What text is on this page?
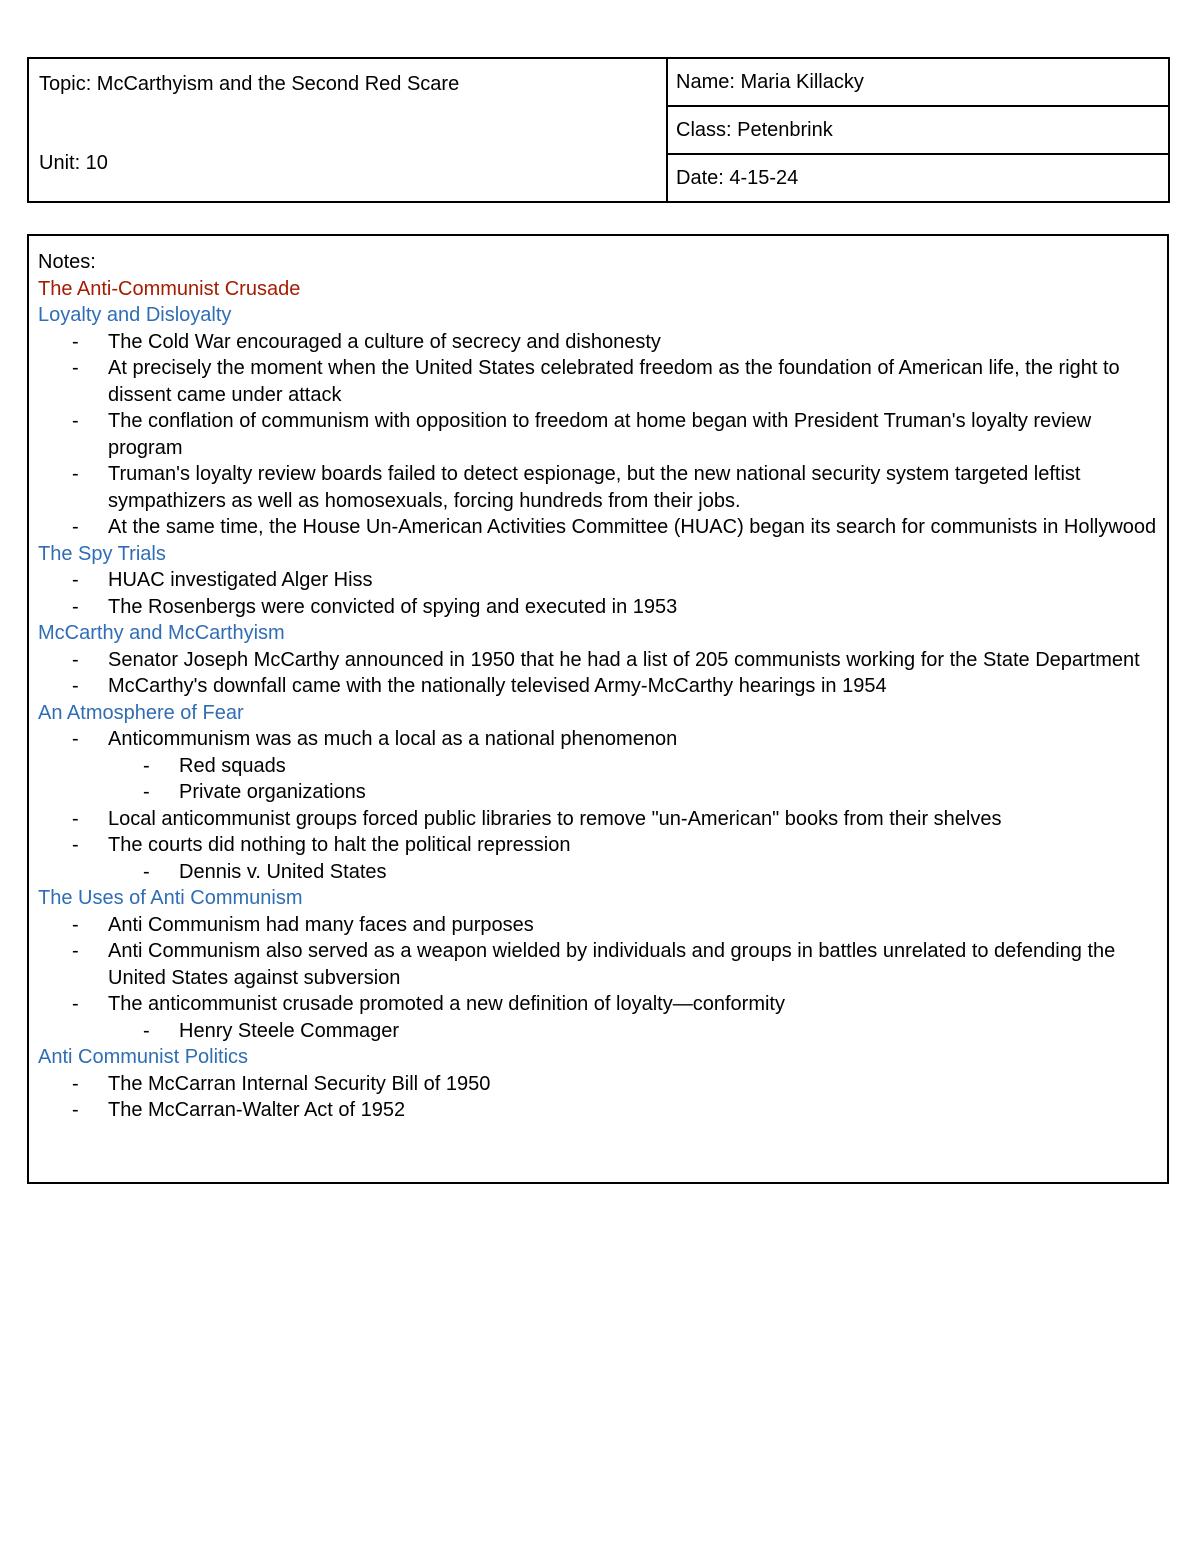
Topic: McCarthyism and the Second Red Scare
Unit: 10
Name: Maria Killacky
Class: Petenbrink
Date: 4-15-24
Notes:
The Anti-Communist Crusade
Loyalty and Disloyalty
- The Cold War encouraged a culture of secrecy and dishonesty
- At precisely the moment when the United States celebrated freedom as the foundation of American life, the right to dissent came under attack
- The conflation of communism with opposition to freedom at home began with President Truman's loyalty review program
- Truman's loyalty review boards failed to detect espionage, but the new national security system targeted leftist sympathizers as well as homosexuals, forcing hundreds from their jobs.
- At the same time, the House Un-American Activities Committee (HUAC) began its search for communists in Hollywood
The Spy Trials
- HUAC investigated Alger Hiss
- The Rosenbergs were convicted of spying and executed in 1953
McCarthy and McCarthyism
- Senator Joseph McCarthy announced in 1950 that he had a list of 205 communists working for the State Department
- McCarthy's downfall came with the nationally televised Army-McCarthy hearings in 1954
An Atmosphere of Fear
- Anticommunism was as much a local as a national phenomenon
- Red squads
- Private organizations
- Local anticommunist groups forced public libraries to remove "un-American" books from their shelves
- The courts did nothing to halt the political repression
- Dennis v. United States
The Uses of Anti Communism
- Anti Communism had many faces and purposes
- Anti Communism also served as a weapon wielded by individuals and groups in battles unrelated to defending the United States against subversion
- The anticommunist crusade promoted a new definition of loyalty—conformity
- Henry Steele Commager
Anti Communist Politics
- The McCarran Internal Security Bill of 1950
- The McCarran-Walter Act of 1952
